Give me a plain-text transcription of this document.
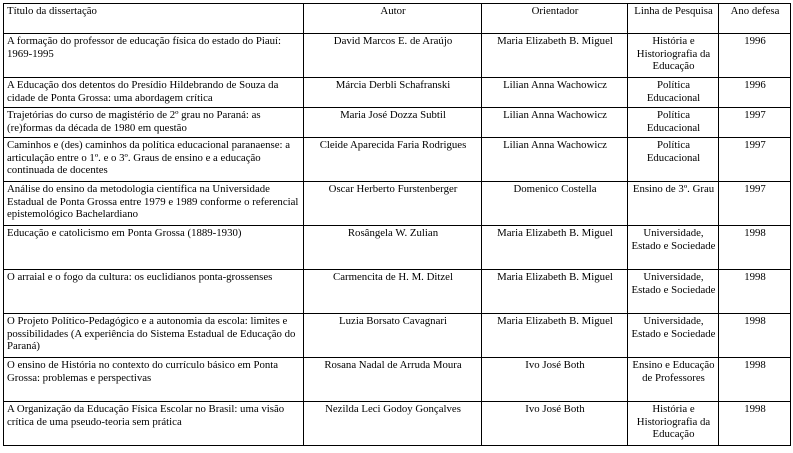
Título da dissertação	Autor	Orientador	Linha de Pesquisa	Ano defesa
A formação do professor de educação física do estado do Piauí: 1969-1995	David Marcos E. de Araújo	Maria Elizabeth B. Miguel	História e Historiografia da Educação	1996
A Educação dos detentos do Presídio Hildebrando de Souza da cidade de Ponta Grossa: uma abordagem crítica	Márcia Derbli Schafranski	Lilian Anna Wachowicz	Política Educacional	1996
Trajetórias do curso de magistério de 2º grau no Paraná: as (re)formas da década de 1980 em questão	Maria José Dozza Subtil	Lilian Anna Wachowicz	Política Educacional	1997
Caminhos e (des) caminhos da política educacional paranaense: a articulação entre o 1º. e o 3º. Graus de ensino e a educação continuada de docentes	Cleide Aparecida Faria Rodrigues	Lilian Anna Wachowicz	Política Educacional	1997
Análise do ensino da metodologia científica na Universidade Estadual de Ponta Grossa entre 1979 e 1989 conforme o referencial epistemológico Bachelardiano	Oscar Herberto Furstenberger	Domenico Costella	Ensino de 3º. Grau	1997
Educação e catolicismo em Ponta Grossa (1889-1930)	Rosângela W. Zulian	Maria Elizabeth B. Miguel	Universidade, Estado e Sociedade	1998
O arraial e o fogo da cultura: os euclidianos ponta-grossenses	Carmencita de H. M. Ditzel	Maria Elizabeth B. Miguel	Universidade, Estado e Sociedade	1998
O Projeto Político-Pedagógico e a autonomia da escola: limites e possibilidades (A experiência do Sistema Estadual de Educação do Paraná)	Luzia Borsato Cavagnari	Maria Elizabeth B. Miguel	Universidade, Estado e Sociedade	1998
O ensino de História no contexto do currículo básico em Ponta Grossa: problemas e perspectivas	Rosana Nadal de Arruda Moura	Ivo José Both	Ensino e Educação de Professores	1998
A Organização da Educação Física Escolar no Brasil: uma visão crítica de uma pseudo-teoria sem prática	Nezilda Leci Godoy Gonçalves	Ivo José Both	História e Historiografia da Educação	1998
